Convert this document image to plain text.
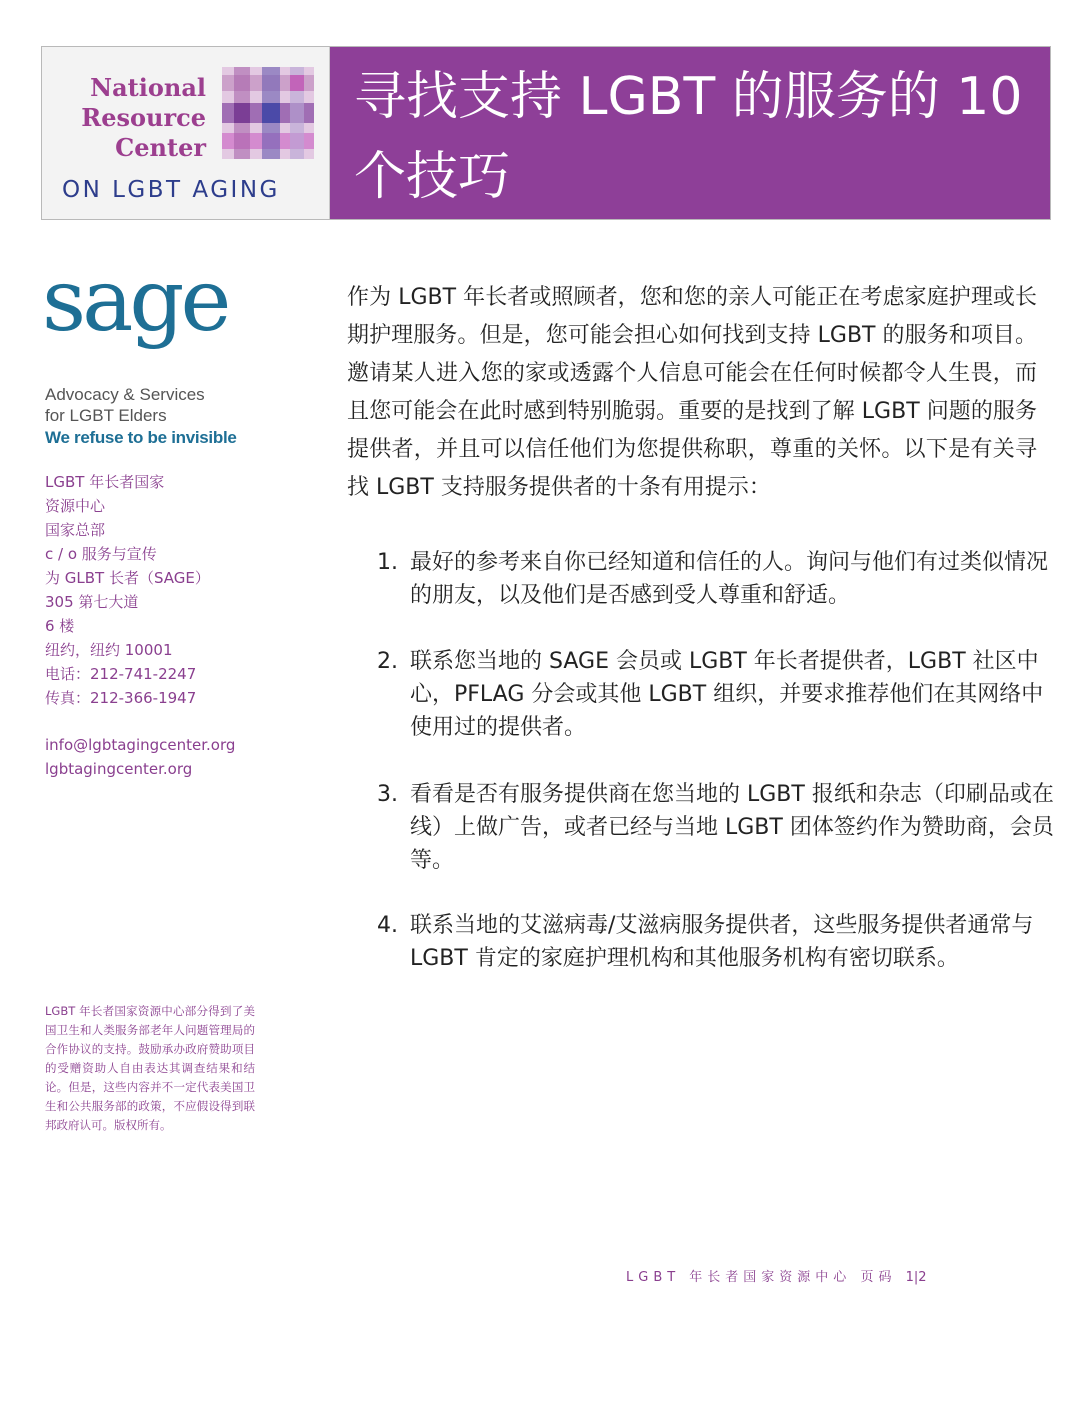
National
Resource
Center
ON LGBT AGING
寻找支持 LGBT 的服务的 10 个技巧
sage
Advocacy & Services
for LGBT Elders
We refuse to be invisible
LGBT 年长者国家
资源中心
国家总部
c / o 服务与宣传
为 GLBT 长者（SAGE）
305 第七大道
6 楼
纽约，纽约 10001
电话：212-741-2247
传真：212-366-1947
info@lgbtagingcenter.org
lgbtagingcenter.org
LGBT 年长者国家资源中心部分得到了美国卫生和人类服务部老年人问题管理局的合作协议的支持。鼓励承办政府赞助项目的受赠资助人自由表达其调查结果和结论。但是，这些内容并不一定代表美国卫生和公共服务部的政策，不应假设得到联邦政府认可。版权所有。
作为 LGBT 年长者或照顾者，您和您的亲人可能正在考虑家庭护理或长期护理服务。但是，您可能会担心如何找到支持 LGBT 的服务和项目。邀请某人进入您的家或透露个人信息可能会在任何时候都令人生畏，而且您可能会在此时感到特别脆弱。重要的是找到了解 LGBT 问题的服务提供者，并且可以信任他们为您提供称职，尊重的关怀。以下是有关寻找 LGBT 支持服务提供者的十条有用提示：
1. 最好的参考来自你已经知道和信任的人。询问与他们有过类似情况的朋友，以及他们是否感到受人尊重和舒适。
2. 联系您当地的 SAGE 会员或 LGBT 年长者提供者，LGBT 社区中心，PFLAG 分会或其他 LGBT 组织，并要求推荐他们在其网络中使用过的提供者。
3. 看看是否有服务提供商在您当地的 LGBT 报纸和杂志（印刷品或在线）上做广告，或者已经与当地 LGBT 团体签约作为赞助商，会员等。
4. 联系当地的艾滋病毒/艾滋病服务提供者，这些服务提供者通常与 LGBT 肯定的家庭护理机构和其他服务机构有密切联系。
LGBT 年长者国家资源中心 页码 1|2
